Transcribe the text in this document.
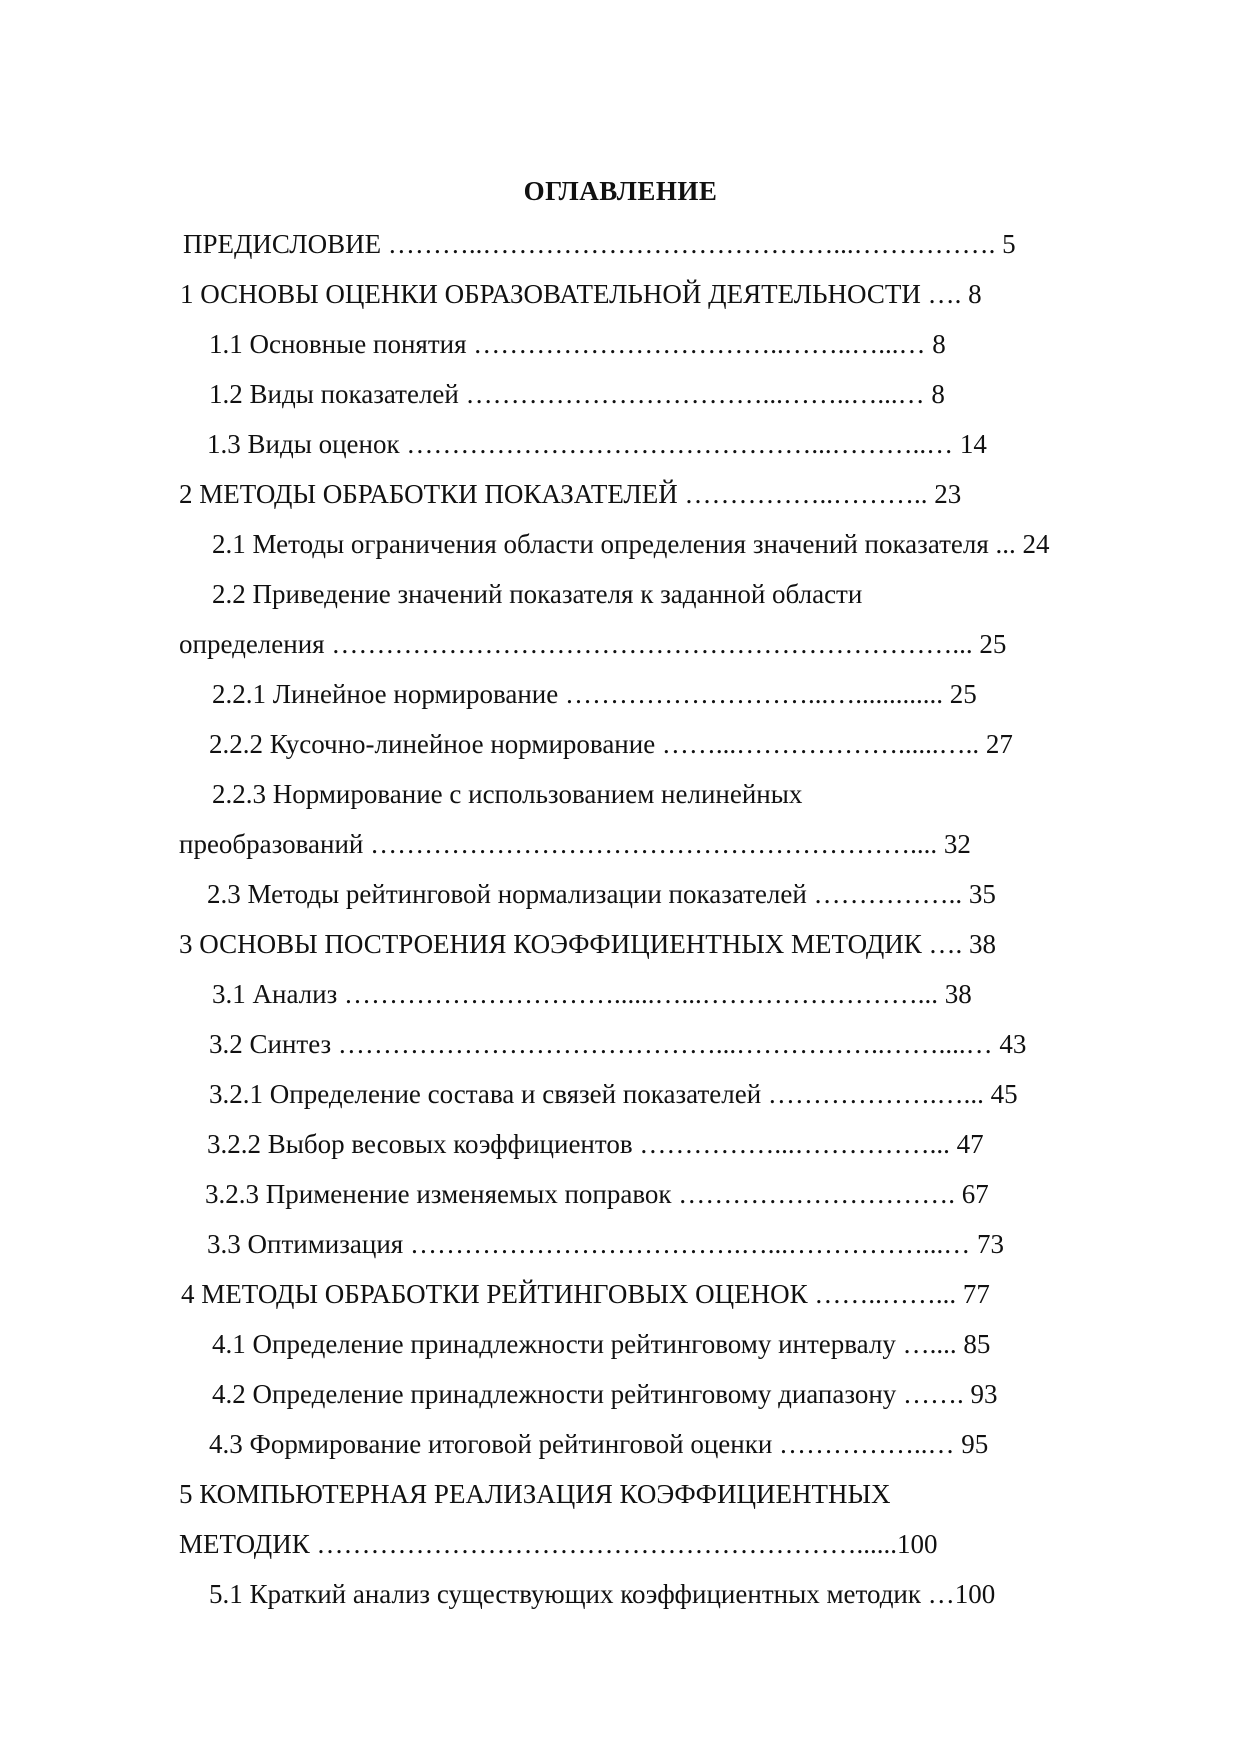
ОГЛАВЛЕНИЕ
ПРЕДИСЛОВИЕ ………..…………………………………...……………. 5
1 ОСНОВЫ ОЦЕНКИ ОБРАЗОВАТЕЛЬНОЙ ДЕЯТЕЛЬНОСТИ …. 8
1.1 Основные понятия ……………………………..……..…...… 8
1.2 Виды показателей ……………………………...……..…...… 8
1.3 Виды оценок ………………………………………...………..… 14
2 МЕТОДЫ ОБРАБОТКИ ПОКАЗАТЕЛЕЙ ……………..……….. 23
2.1 Методы ограничения области определения значений показателя ... 24
2.2 Приведение значений показателя к заданной области
определения ……………………………………………………………... 25
2.2.1 Линейное нормирование ………………………...…............. 25
2.2.2 Кусочно-линейное нормирование ……...………………......….. 27
2.2.3 Нормирование с использованием нелинейных
преобразований …………………………………………………….... 32
2.3 Методы рейтинговой нормализации показателей …………….. 35
3 ОСНОВЫ ПОСТРОЕНИЯ КОЭФФИЦИЕНТНЫХ МЕТОДИК …. 38
3.1 Анализ …………………………......…...……………………... 38
3.2 Синтез ……………………………………...……………..……....… 43
3.2.1 Определение состава и связей показателей ……………….…... 45
3.2.2 Выбор весовых коэффициентов ……………...……………... 47
3.2.3 Применение изменяемых поправок …………………………. 67
3.3 Оптимизация ……………………………….…...……………...… 73
4 МЕТОДЫ ОБРАБОТКИ РЕЙТИНГОВЫХ ОЦЕНОК ……..……... 77
4.1 Определение принадлежности рейтинговому интервалу ….... 85
4.2 Определение принадлежности рейтинговому диапазону ……. 93
4.3 Формирование итоговой рейтинговой оценки ……………..… 95
5 КОМПЬЮТЕРНАЯ РЕАЛИЗАЦИЯ КОЭФФИЦИЕНТНЫХ
МЕТОДИК ……………………………………………………......100
5.1 Краткий анализ существующих коэффициентных методик …100
